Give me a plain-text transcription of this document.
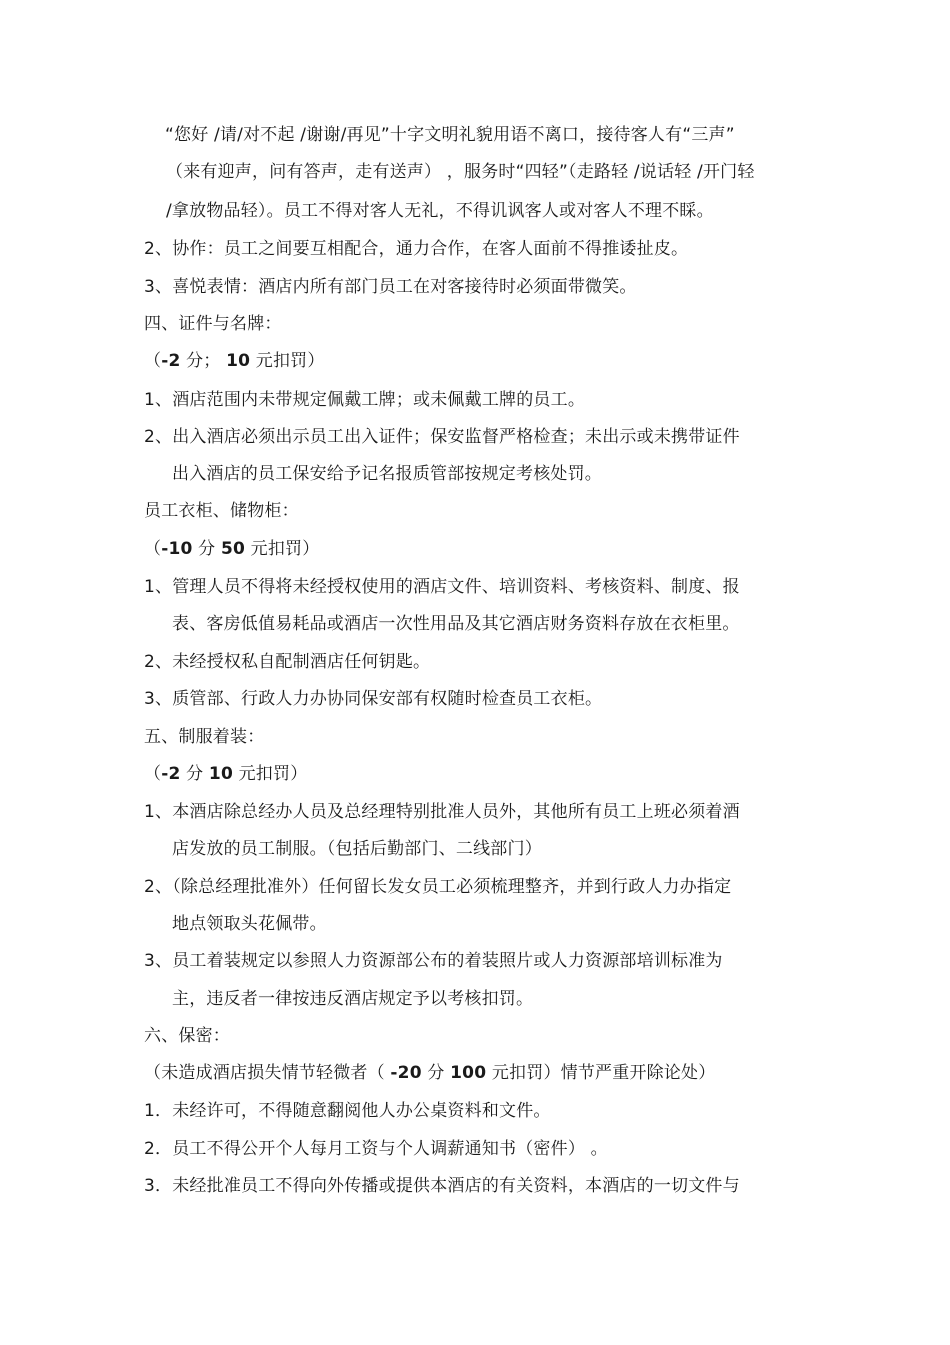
“您好 /请/对不起 /谢谢/再见”十字文明礼貌用语不离口，接待客人有“三声”
（来有迎声，问有答声，走有送声） ，服务时“四轻”（走路轻 /说话轻 /开门轻
/拿放物品轻）。员工不得对客人无礼，不得讥讽客人或对客人不理不睬。
2、协作：员工之间要互相配合，通力合作，在客人面前不得推诿扯皮。
3、喜悦表情：酒店内所有部门员工在对客接待时必须面带微笑。
四、证件与名牌：
（-2 分； 10 元扣罚）
1、酒店范围内未带规定佩戴工牌；或未佩戴工牌的员工。
2、出入酒店必须出示员工出入证件；保安监督严格检查；未出示或未携带证件
出入酒店的员工保安给予记名报质管部按规定考核处罚。
员工衣柜、储物柜：
（-10 分 50 元扣罚）
1、管理人员不得将未经授权使用的酒店文件、培训资料、考核资料、制度、报
表、客房低值易耗品或酒店一次性用品及其它酒店财务资料存放在衣柜里。
2、未经授权私自配制酒店任何钥匙。
3、质管部、行政人力办协同保安部有权随时检查员工衣柜。
五、制服着装：
（-2 分 10 元扣罚）
1、本酒店除总经办人员及总经理特别批准人员外，其他所有员工上班必须着酒
店发放的员工制服。（包括后勤部门、二线部门）
2、（除总经理批准外）任何留长发女员工必须梳理整齐，并到行政人力办指定
地点领取头花佩带。
3、员工着装规定以参照人力资源部公布的着装照片或人力资源部培训标准为
主，违反者一律按违反酒店规定予以考核扣罚。
六、保密：
（未造成酒店损失情节轻微者（ -20 分 100 元扣罚）情节严重开除论处）
1．未经许可，不得随意翻阅他人办公桌资料和文件。
2．员工不得公开个人每月工资与个人调薪通知书（密件） 。
3．未经批准员工不得向外传播或提供本酒店的有关资料，本酒店的一切文件与
